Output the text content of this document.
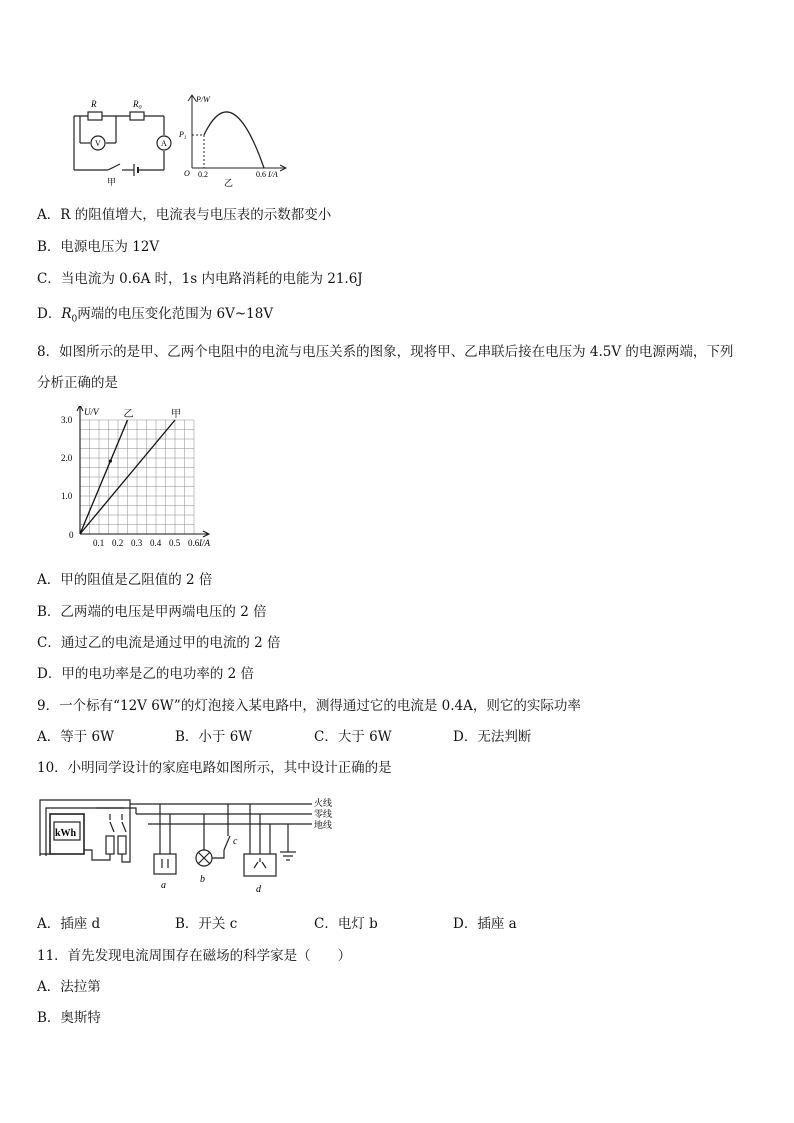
R	$R_0$
V	A
甲
P/W
$P_1$
O 0.2	0.6 I/A
乙
A．R 的阻值增大，电流表与电压表的示数都变小
B．电源电压为 12V
C．当电流为 0.6A 时，1s 内电路消耗的电能为 21.6J
D．$R_0$两端的电压变化范围为 6V~18V
8．如图所示的是甲、乙两个电阻中的电流与电压关系的图象，现将甲、乙串联后接在电压为 4.5V 的电源两端，下列
分析正确的是
0.1 0.2 0.3 0.4 0.5 0.6
1.0
2.0
3.0
0
I/A
U/V	乙	甲
A．甲的阻值是乙阻值的 2 倍
B．乙两端的电压是甲两端电压的 2 倍
C．通过乙的电流是通过甲的电流的 2 倍
D．甲的电功率是乙的电功率的 2 倍
9．一个标有“12V 6W”的灯泡接入某电路中，测得通过它的电流是 0.4A，则它的实际功率
A．等于 6W	B．小于 6W	C．大于 6W	D．无法判断
10．小明同学设计的家庭电路如图所示，其中设计正确的是
kWh
火线
零线
地线
a
b
c
d
A．插座 d	B．开关 c	C．电灯 b	D．插座 a
11．首先发现电流周围存在磁场的科学家是（　　）
A．法拉第
B．奥斯特
